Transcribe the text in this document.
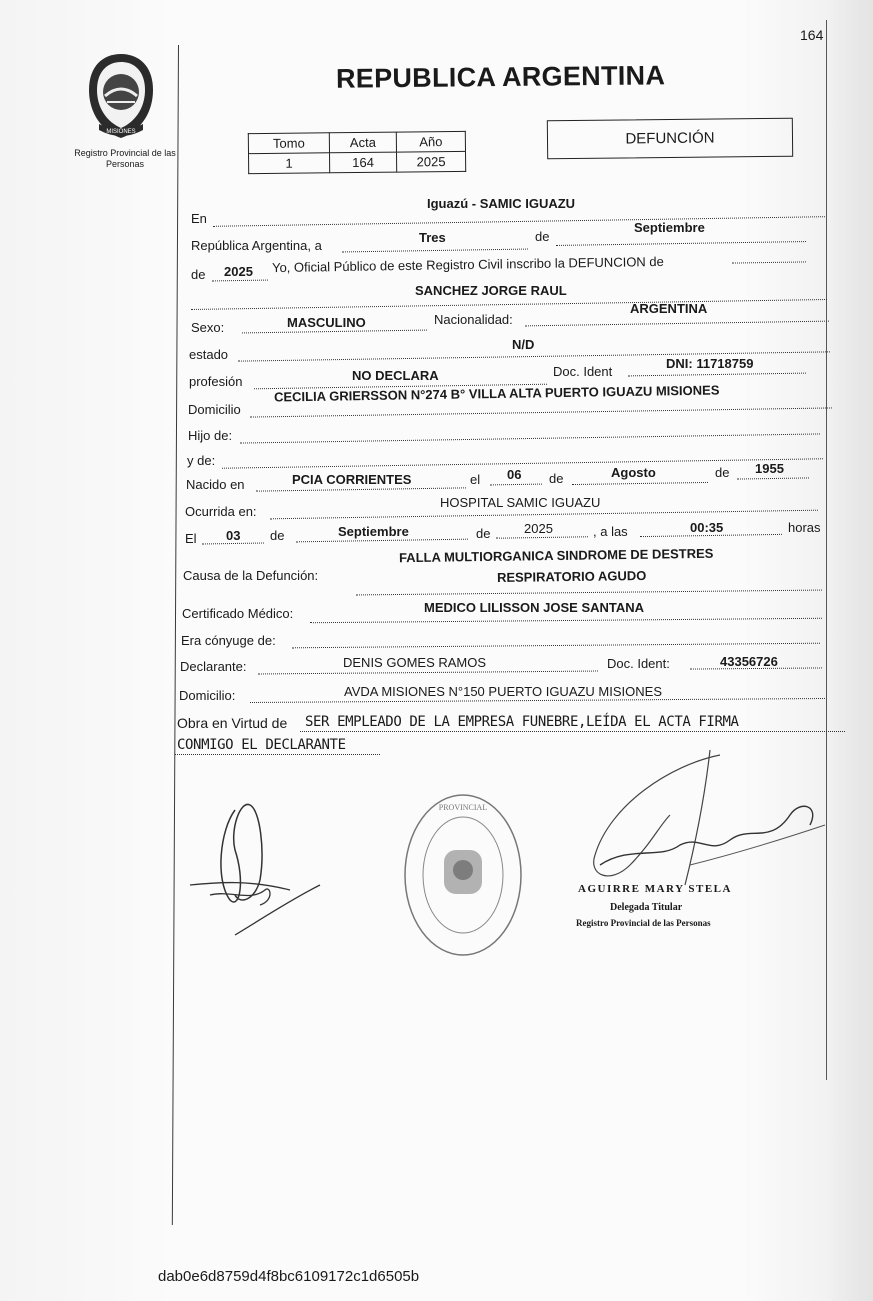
164
MISIONES
Registro Provincial de las Personas
REPUBLICA ARGENTINA
Tomo	Acta	Año
1	164	2025
DEFUNCIÓN
En
Iguazú - SAMIC IGUAZU
República Argentina, a
Tres	de
Septiembre
de 2025 Yo, Oficial Público de este Registro Civil inscribo la DEFUNCION de
SANCHEZ JORGE RAUL
Sexo:	MASCULINO	Nacionalidad:
ARGENTINA
estado
N/D
profesión	NO DECLARA	Doc. Ident
DNI: 11718759
Domicilio
CECILIA GRIERSSON N°274 B° VILLA ALTA PUERTO IGUAZU MISIONES
Hijo de:
y de:
Nacido en	PCIA CORRIENTES	el 06 de	Agosto	de 1955
Ocurrida en:
HOSPITAL SAMIC IGUAZU
El 03 de	Septiembre	de	2025	, a las	00:35	horas
Causa de la Defunción:
FALLA MULTIORGANICA SINDROME DE DESTRES
RESPIRATORIO AGUDO
Certificado Médico:	MEDICO LILISSON JOSE SANTANA
Era cónyuge de:
Declarante:	DENIS GOMES RAMOS	Doc. Ident:	43356726
Domicilio:	AVDA MISIONES N°150 PUERTO IGUAZU MISIONES
Obra en Virtud de SER EMPLEADO DE LA EMPRESA FUNEBRE,LEÍDA EL ACTA FIRMA
CONMIGO EL DECLARANTE
PROVINCIAL
AGUIRRE MARY STELA
Delegada Titular
Registro Provincial de las Personas
dab0e6d8759d4f8bc6109172c1d6505b
